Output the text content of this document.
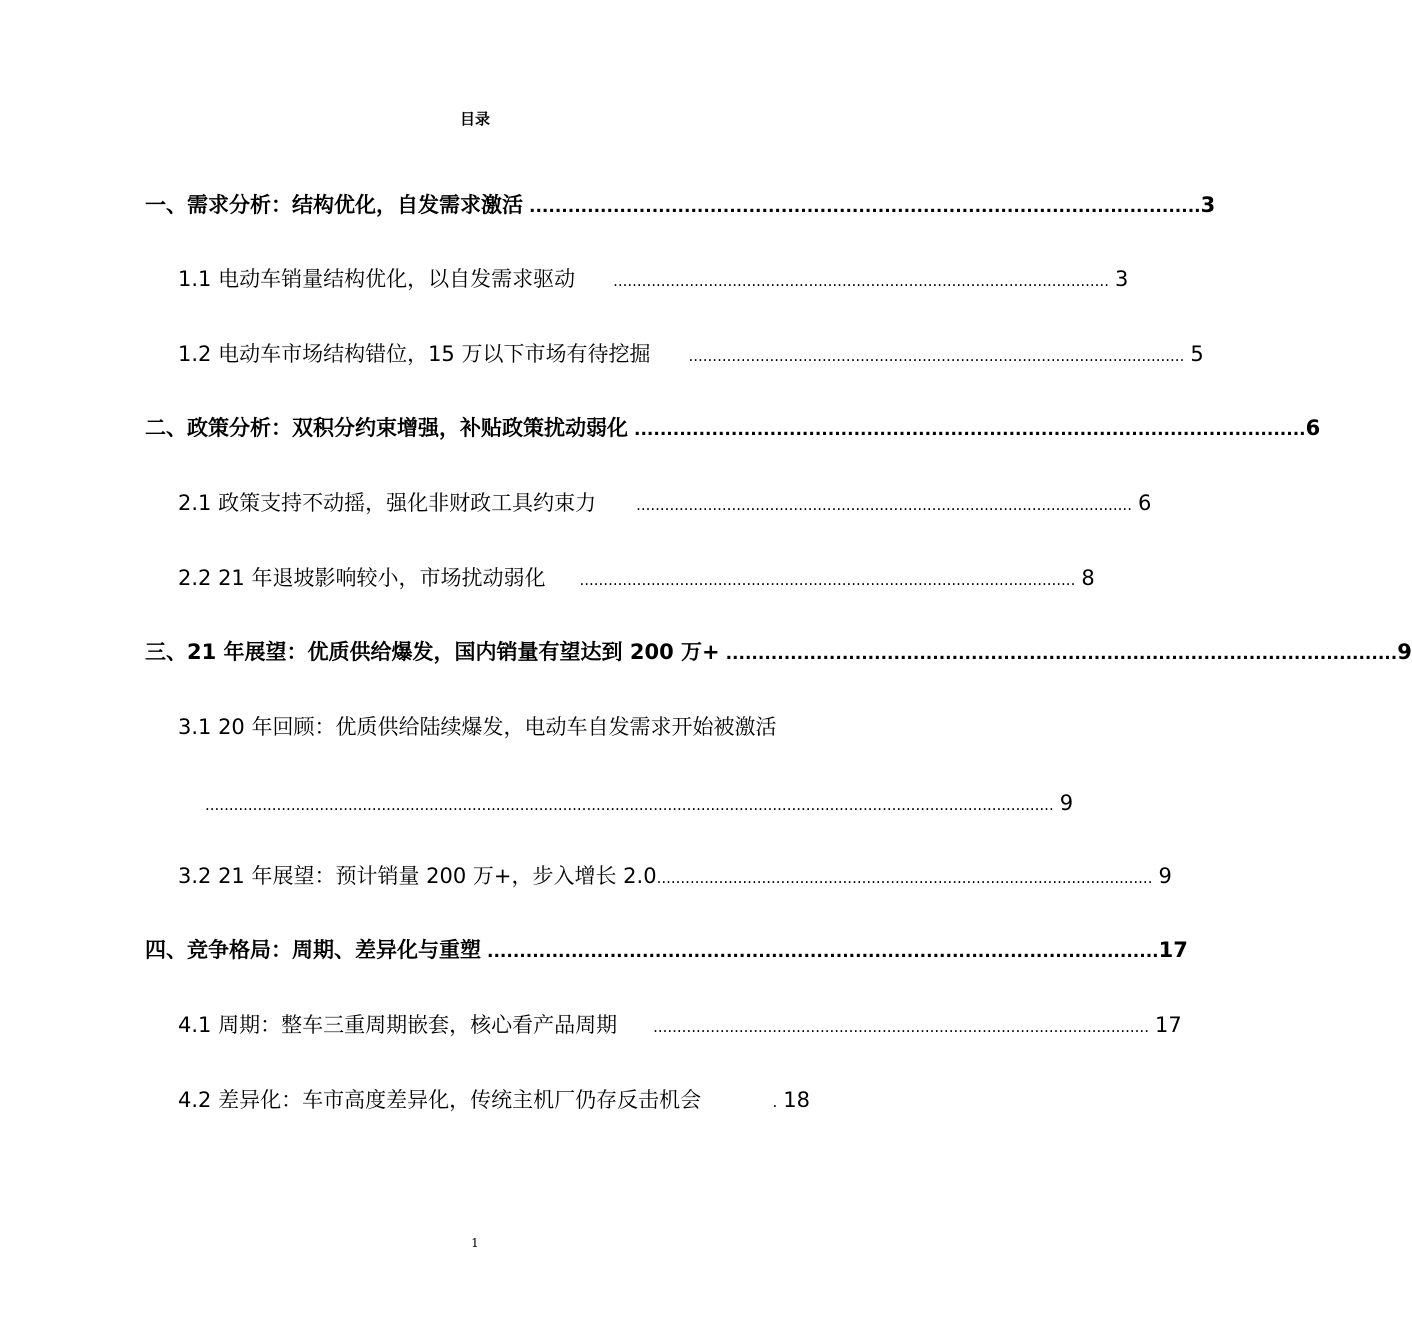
目录
一、需求分析：结构优化，自发需求激活 ........................................................................................................ 3
1.1 电动车销量结构优化，以自发需求驱动	........................................................................................................ 3
1.2 电动车市场结构错位，15 万以下市场有待挖掘	........................................................................................................ 5
二、政策分析：双积分约束增强，补贴政策扰动弱化 ........................................................................................................ 6
2.1 政策支持不动摇，强化非财政工具约束力	........................................................................................................ 6
2.2 21 年退坡影响较小，市场扰动弱化 ........................................................................................................ 8
三、21 年展望：优质供给爆发，国内销量有望达到 200 万+ ........................................................................................................ 9
3.1 20 年回顾：优质供给陆续爆发，电动车自发需求开始被激活
.................................................................................................................................................................................. 9
3.2 21 年展望：预计销量 200 万+，步入增长 2.0 ........................................................................................................ 9
四、竞争格局：周期、差异化与重塑 ........................................................................................................ 17
4.1 周期：整车三重周期嵌套，核心看产品周期 ........................................................................................................ 17
4.2 差异化：车市高度差异化，传统主机厂仍存反击机会	. 18
1
